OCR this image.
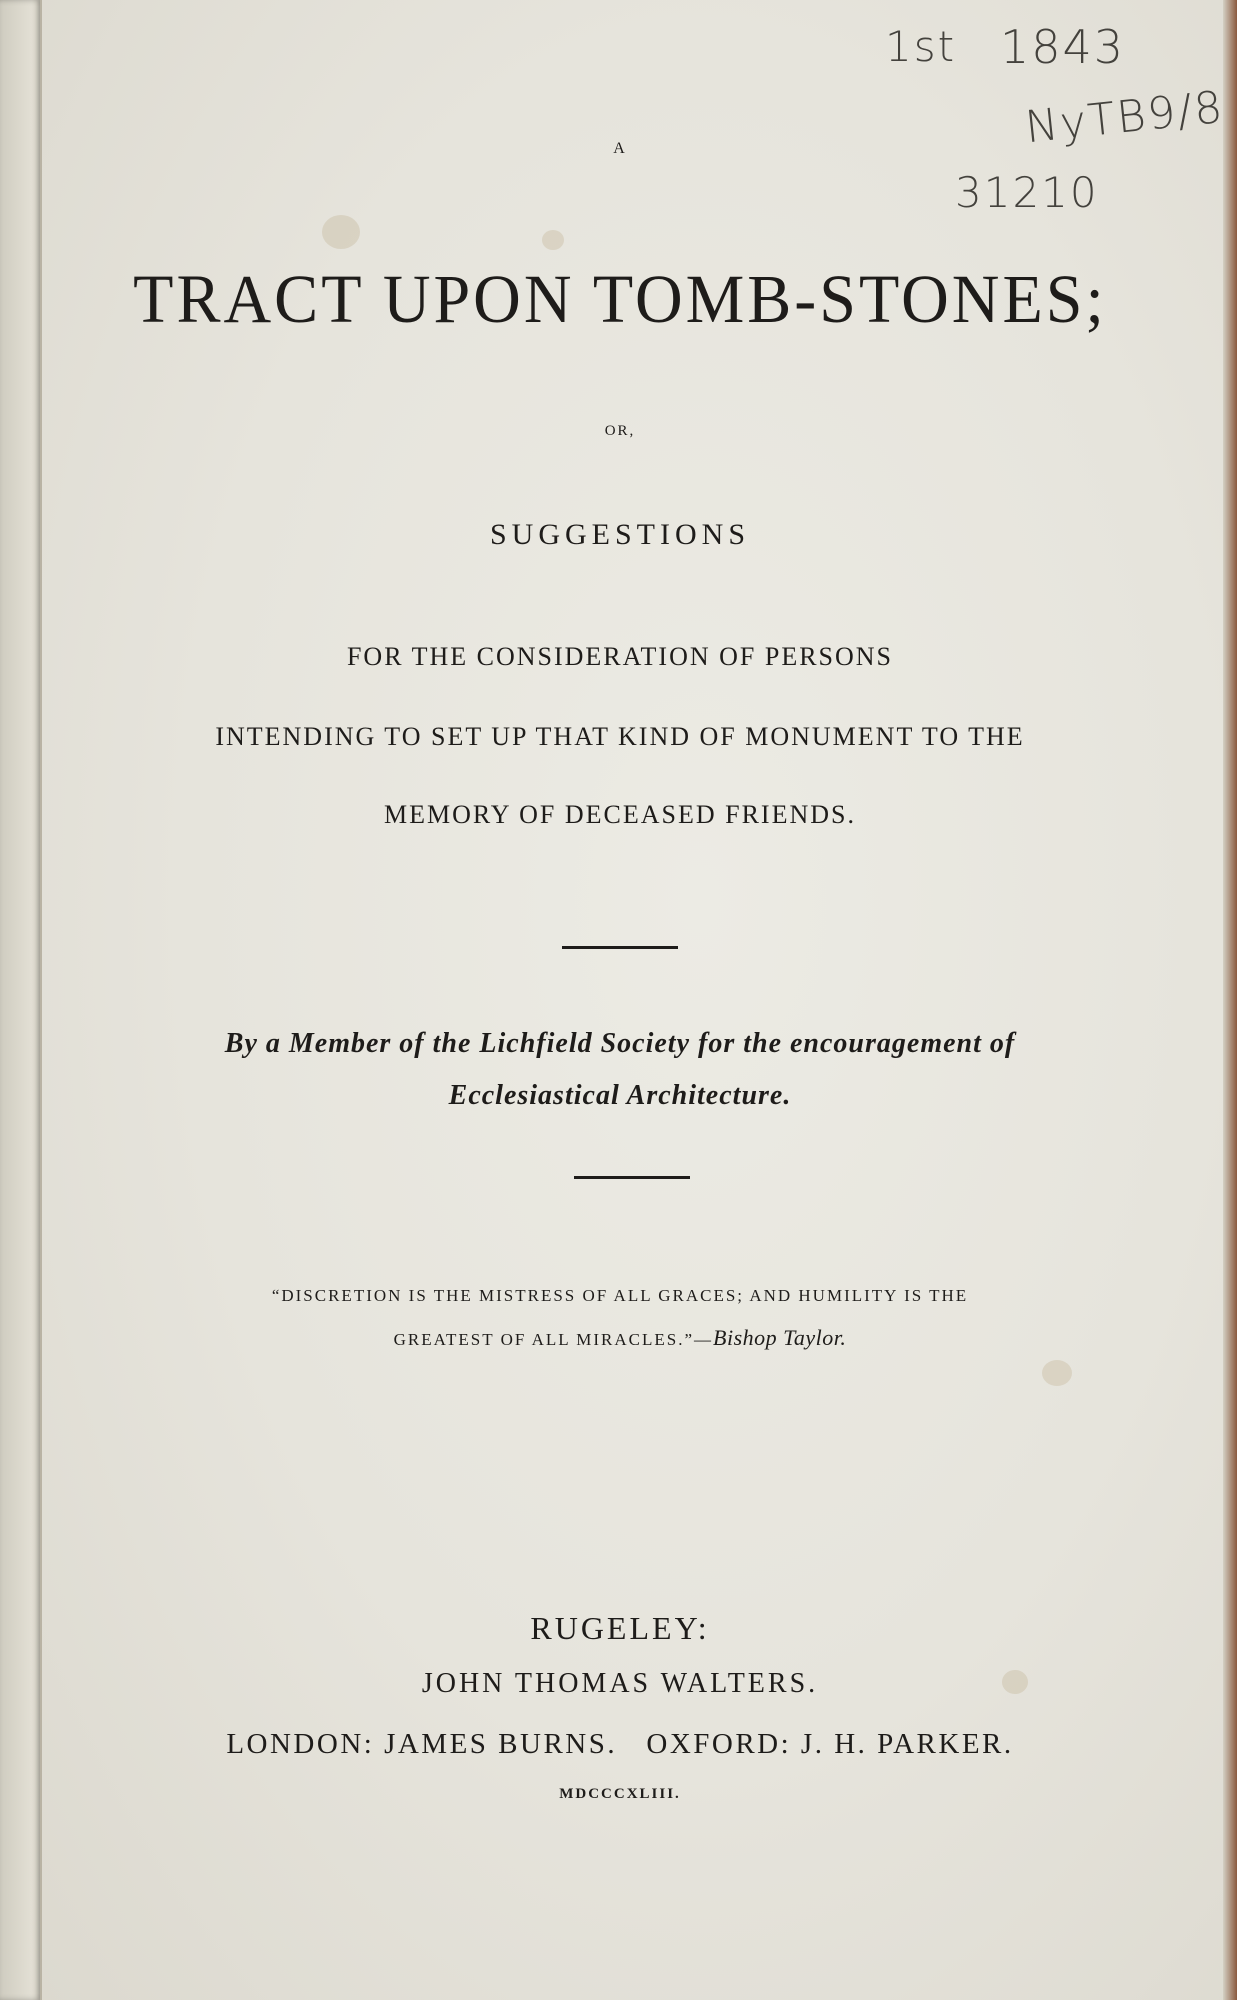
1st 1843
NyTB9/8
31210
A
TRACT UPON TOMB-STONES;
OR,
SUGGESTIONS
FOR THE CONSIDERATION OF PERSONS
INTENDING TO SET UP THAT KIND OF MONUMENT TO THE
MEMORY OF DECEASED FRIENDS.
By a Member of the Lichfield Society for the encouragement of
Ecclesiastical Architecture.
“DISCRETION IS THE MISTRESS OF ALL GRACES; AND HUMILITY IS THE
GREATEST OF ALL MIRACLES.”—Bishop Taylor.
RUGELEY:
JOHN THOMAS WALTERS.
LONDON: JAMES BURNS.   OXFORD: J. H. PARKER.
MDCCCXLIII.
